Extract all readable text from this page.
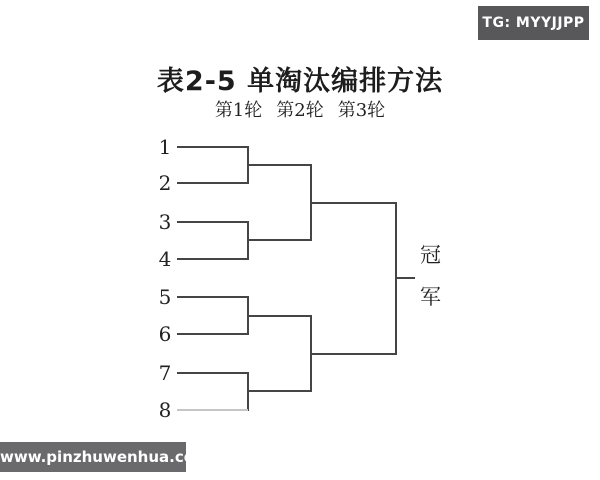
TG: MYYJJPP
表2-5 单淘汰编排方法
第1轮 第2轮 第3轮
1
2
3
4
5
6
7
8
冠军
www.pinzhuwenhua.com
